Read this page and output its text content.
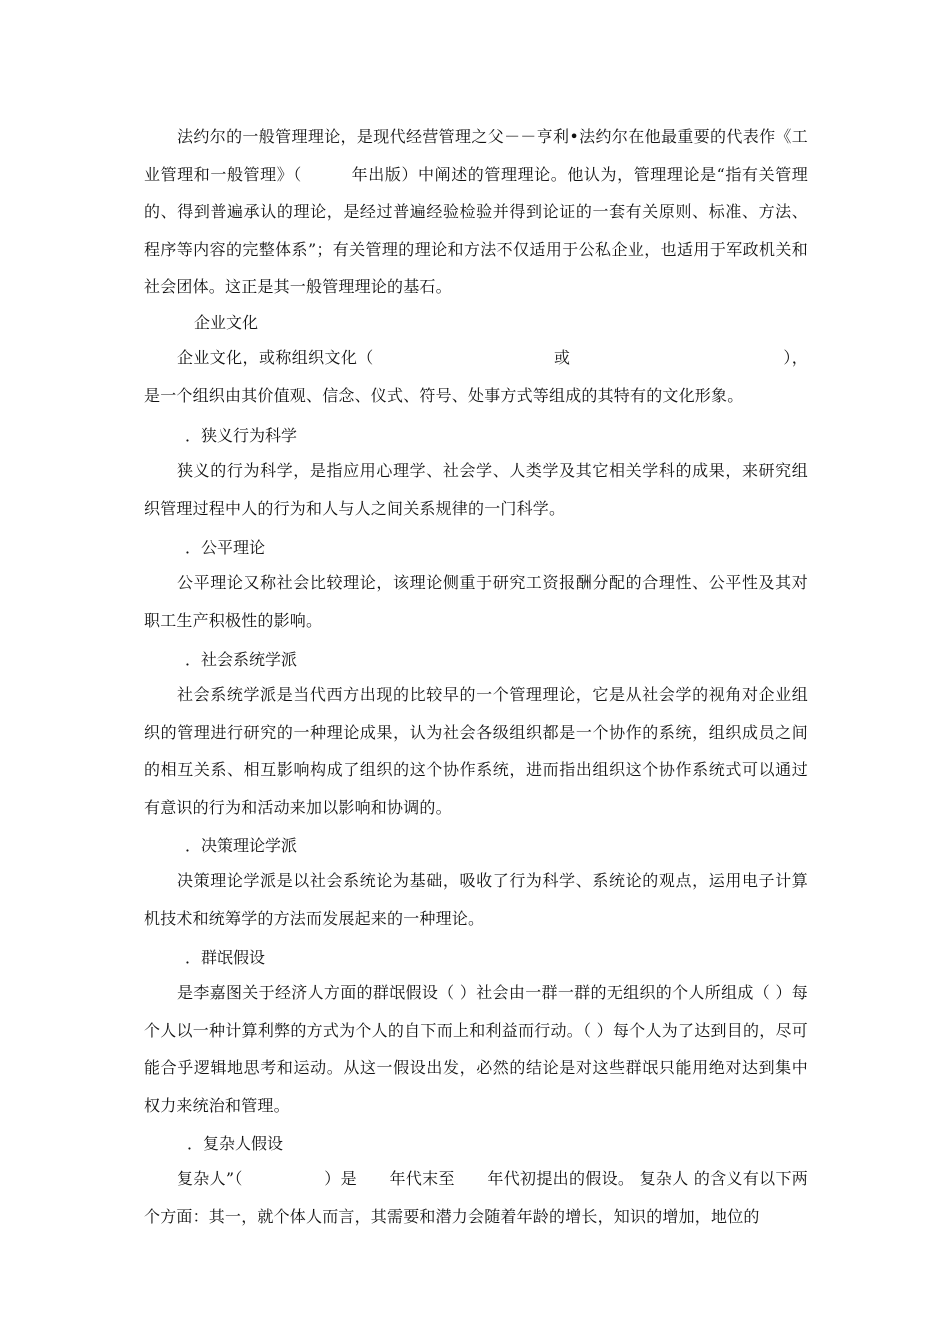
法约尔的一般管理理论，是现代经营管理之父－－亨利•法约尔在他最重要的代表作《工业管理和一般管理》（　　　年出版）中阐述的管理理论。他认为，管理理论是“指有关管理的、得到普遍承认的理论，是经过普遍经验检验并得到论证的一套有关原则、标准、方法、程序等内容的完整体系”；有关管理的理论和方法不仅适用于公私企业，也适用于军政机关和社会团体。这正是其一般管理理论的基石。

企业文化

企业文化，或称组织文化（　　　　　　　　　　　或　　　　　　　　　　　　　），是一个组织由其价值观、信念、仪式、符号、处事方式等组成的其特有的文化形象。

．狭义行为科学

狭义的行为科学，是指应用心理学、社会学、人类学及其它相关学科的成果，来研究组织管理过程中人的行为和人与人之间关系规律的一门科学。

．公平理论

公平理论又称社会比较理论，该理论侧重于研究工资报酬分配的合理性、公平性及其对职工生产积极性的影响。

．社会系统学派

社会系统学派是当代西方出现的比较早的一个管理理论，它是从社会学的视角对企业组织的管理进行研究的一种理论成果，认为社会各级组织都是一个协作的系统，组织成员之间的相互关系、相互影响构成了组织的这个协作系统，进而指出组织这个协作系统式可以通过有意识的行为和活动来加以影响和协调的。

．决策理论学派

决策理论学派是以社会系统论为基础，吸收了行为科学、系统论的观点，运用电子计算机技术和统筹学的方法而发展起来的一种理论。

．群氓假设

是李嘉图关于经济人方面的群氓假设（ ）社会由一群一群的无组织的个人所组成（ ）每个人以一种计算利弊的方式为个人的自下而上和利益而行动。（ ）每个人为了达到目的，尽可能合乎逻辑地思考和运动。从这一假设出发，必然的结论是对这些群氓只能用绝对达到集中权力来统治和管理。

．复杂人假设

复杂人”（　　　　　）是　　年代末至　　年代初提出的假设。 复杂人 的含义有以下两个方面：其一，就个体人而言，其需要和潜力会随着年龄的增长，知识的增加，地位的
